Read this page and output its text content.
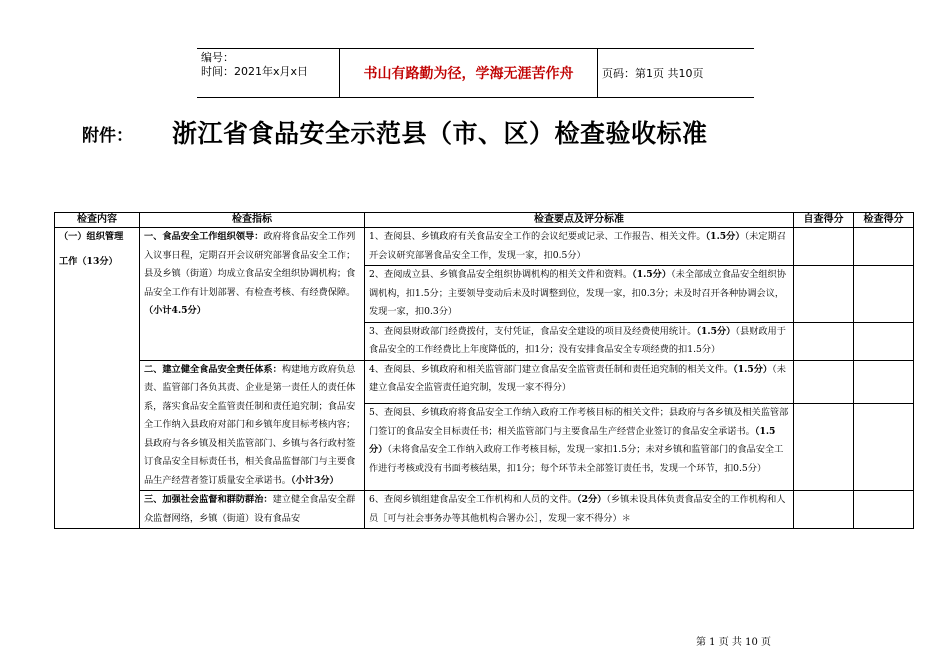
编号：
时间：2021年x月x日	书山有路勤为径，学海无涯苦作舟	页码：第1页 共10页
附件： 浙江省食品安全示范县（市、区）检查验收标准
检查内容	检查指标	检查要点及评分标准	自查得分	检查得分
（一）组织管理
工作（13分）	一、食品安全工作组织领导：政府将食品安全工作列入议事日程，定期召开会议研究部署食品安全工作；县及乡镇（街道）均成立食品安全组织协调机构；食品安全工作有计划部署、有检查考核、有经费保障。（小计4.5分）	1、查阅县、乡镇政府有关食品安全工作的会议纪要或记录、工作报告、相关文件。（1.5分）（未定期召开会议研究部署食品安全工作，发现一家，扣0.5分）		
		2、查阅成立县、乡镇食品安全组织协调机构的相关文件和资料。（1.5分）（未全部成立食品安全组织协调机构，扣1.5分；主要领导变动后未及时调整到位，发现一家，扣0.3分；未及时召开各种协调会议，发现一家，扣0.3分）		
		3、查阅县财政部门经费拨付，支付凭证，食品安全建设的项目及经费使用统计。（1.5分）（县财政用于食品安全的工作经费比上年度降低的，扣1分；没有安排食品安全专项经费的扣1.5分）		
	二、建立健全食品安全责任体系：构建地方政府负总责、监管部门各负其责、企业是第一责任人的责任体系，落实食品安全监管责任制和责任追究制；食品安全工作纳入县政府对部门和乡镇年度目标考核内容；县政府与各乡镇及相关监管部门、乡镇与各行政村签订食品安全目标责任书，相关食品监督部门与主要食品生产经营者签订质量安全承诺书。（小计3分）	4、查阅县、乡镇政府和相关监管部门建立食品安全监管责任制和责任追究制的相关文件。（1.5分）（未建立食品安全监管责任追究制，发现一家不得分）		
		5、查阅县、乡镇政府将食品安全工作纳入政府工作考核目标的相关文件；县政府与各乡镇及相关监管部门签订的食品安全目标责任书；相关监管部门与主要食品生产经营企业签订的食品安全承诺书。（1.5分）（未将食品安全工作纳入政府工作考核目标，发现一家扣1.5分；未对乡镇和监管部门的食品安全工作进行考核或没有书面考核结果，扣1分；每个环节未全部签订责任书，发现一个环节，扣0.5分）		
	三、加强社会监督和群防群治：建立健全食品安全群众监督网络，乡镇（街道）设有食品安	6、查阅乡镇组建食品安全工作机构和人员的文件。（2分）（乡镇未设具体负责食品安全的工作机构和人员［可与社会事务办等其他机构合署办公］，发现一家不得分）＊		
第 1 页 共 10 页
